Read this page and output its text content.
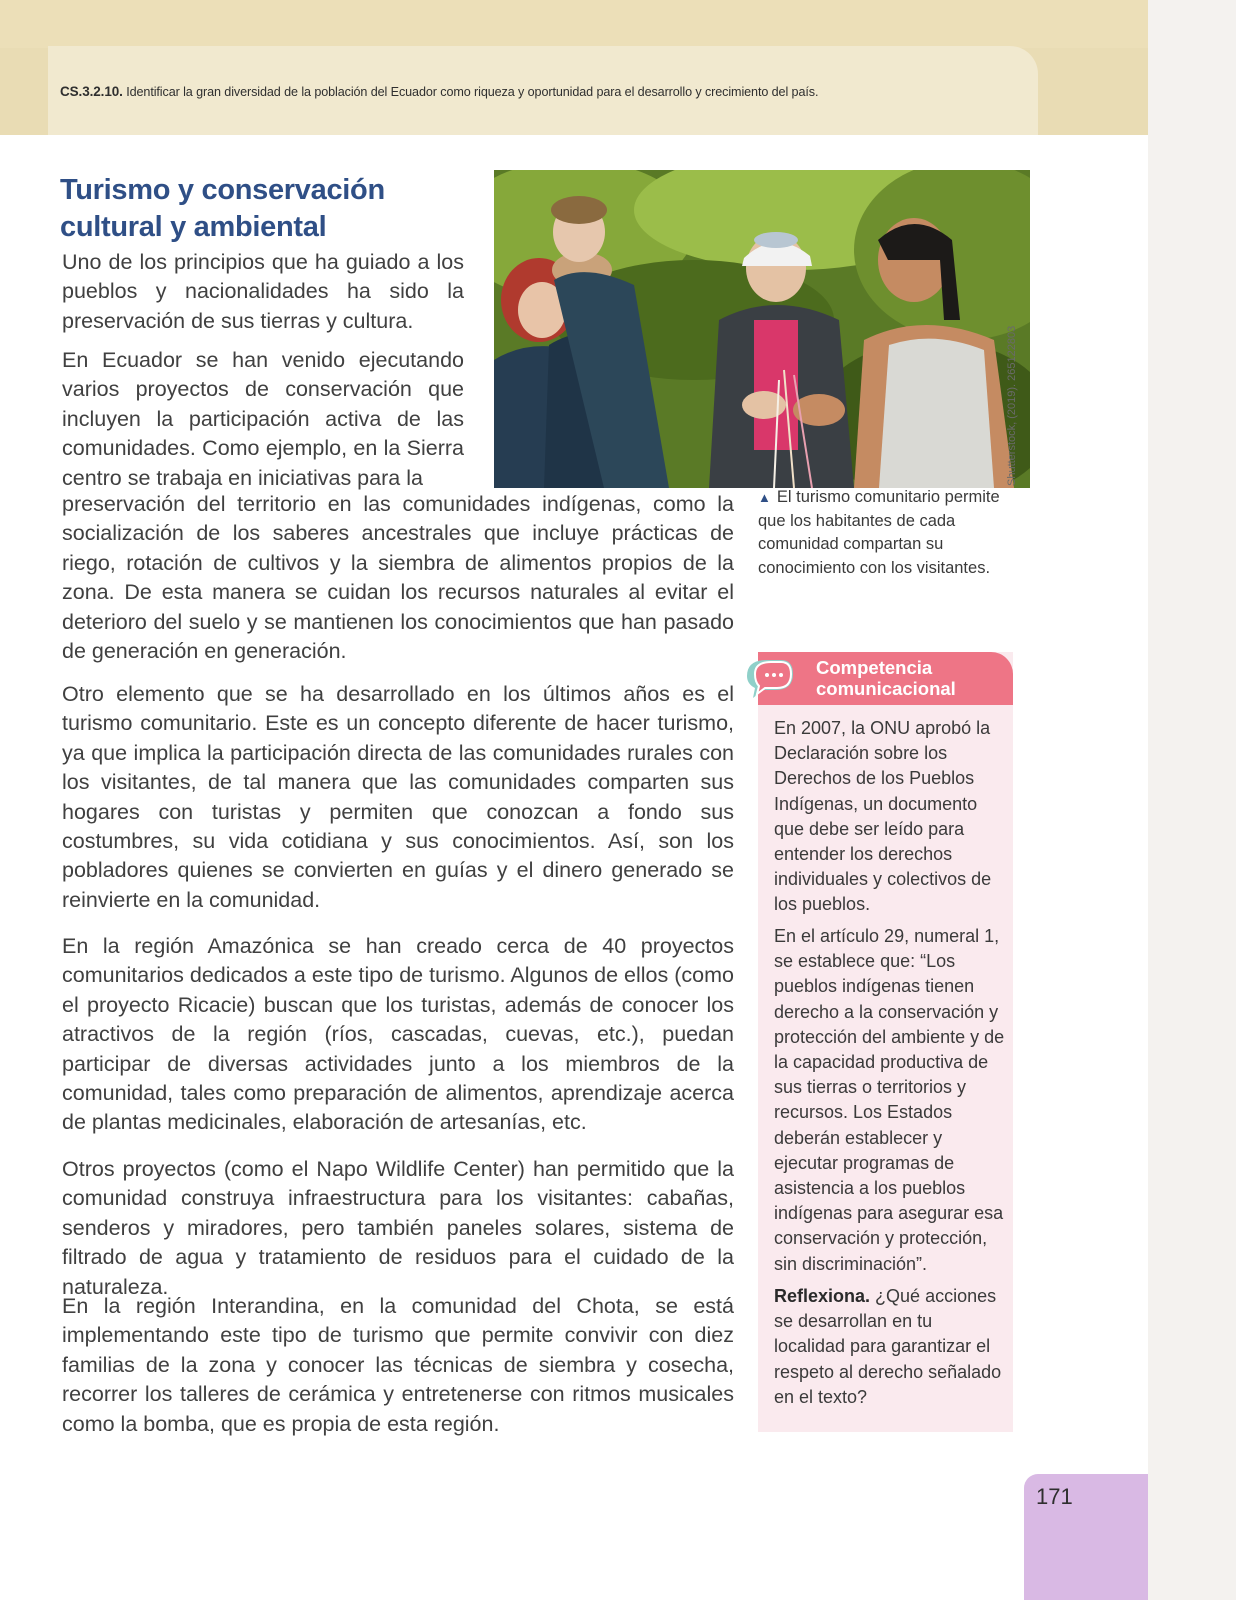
CS.3.2.10. Identificar la gran diversidad de la población del Ecuador como riqueza y oportunidad para el desarrollo y crecimiento del país.
Turismo y conservación
cultural y ambiental

Uno de los principios que ha guiado a los pueblos y nacionalidades ha sido la preservación de sus tierras y cultura.

En Ecuador se han venido ejecutando varios proyectos de conservación que incluyen la participación activa de las comunidades. Como ejemplo, en la Sierra centro se trabaja en iniciativas para la

preservación del territorio en las comunidades indígenas, como la socialización de los saberes ancestrales que incluye prácticas de riego, rotación de cultivos y la siembra de alimentos propios de la zona. De esta manera se cuidan los recursos naturales al evitar el deterioro del suelo y se mantienen los conocimientos que han pasado de generación en generación.

Otro elemento que se ha desarrollado en los últimos años es el turismo comunitario. Este es un concepto diferente de hacer turismo, ya que implica la participación directa de las comunidades rurales con los visitantes, de tal manera que las comunidades comparten sus hogares con turistas y permiten que conozcan a fondo sus costumbres, su vida cotidiana y sus conocimientos. Así, son los pobladores quienes se convierten en guías y el dinero generado se reinvierte en la comunidad.

En la región Amazónica se han creado cerca de 40 proyectos comunitarios dedicados a este tipo de turismo. Algunos de ellos (como el proyecto Ricacie) buscan que los turistas, además de conocer los atractivos de la región (ríos, cascadas, cuevas, etc.), puedan participar de diversas actividades junto a los miembros de la comunidad, tales como preparación de alimentos, aprendizaje acerca de plantas medicinales, elaboración de artesanías, etc.

Otros proyectos (como el Napo Wildlife Center) han permitido que la comunidad construya infraestructura para los visitantes: cabañas, senderos y miradores, pero también paneles solares, sistema de filtrado de agua y tratamiento de residuos para el cuidado de la naturaleza.

En la región Interandina, en la comunidad del Chota, se está implementando este tipo de turismo que permite convivir con diez familias de la zona y conocer las técnicas de siembra y cosecha, recorrer los talleres de cerámica y entretenerse con ritmos musicales como la bomba, que es propia de esta región.

Shutterstock, (2019). 265122803
▲ El turismo comunitario permite que los habitantes de cada comunidad compartan su conocimiento con los visitantes.
Competencia
comunicacional

En 2007, la ONU aprobó la Declaración sobre los Derechos de los Pueblos Indígenas, un documento que debe ser leído para entender los derechos individuales y colectivos de los pueblos.

En el artículo 29, numeral 1, se establece que: “Los pueblos indígenas tienen derecho a la conservación y protección del ambiente y de la capacidad productiva de sus tierras o territorios y recursos. Los Estados deberán establecer y ejecutar programas de asistencia a los pueblos indígenas para asegurar esa conservación y protección, sin discriminación”.

Reflexiona. ¿Qué acciones se desarrollan en tu localidad para garantizar el respeto al derecho señalado en el texto?

171
